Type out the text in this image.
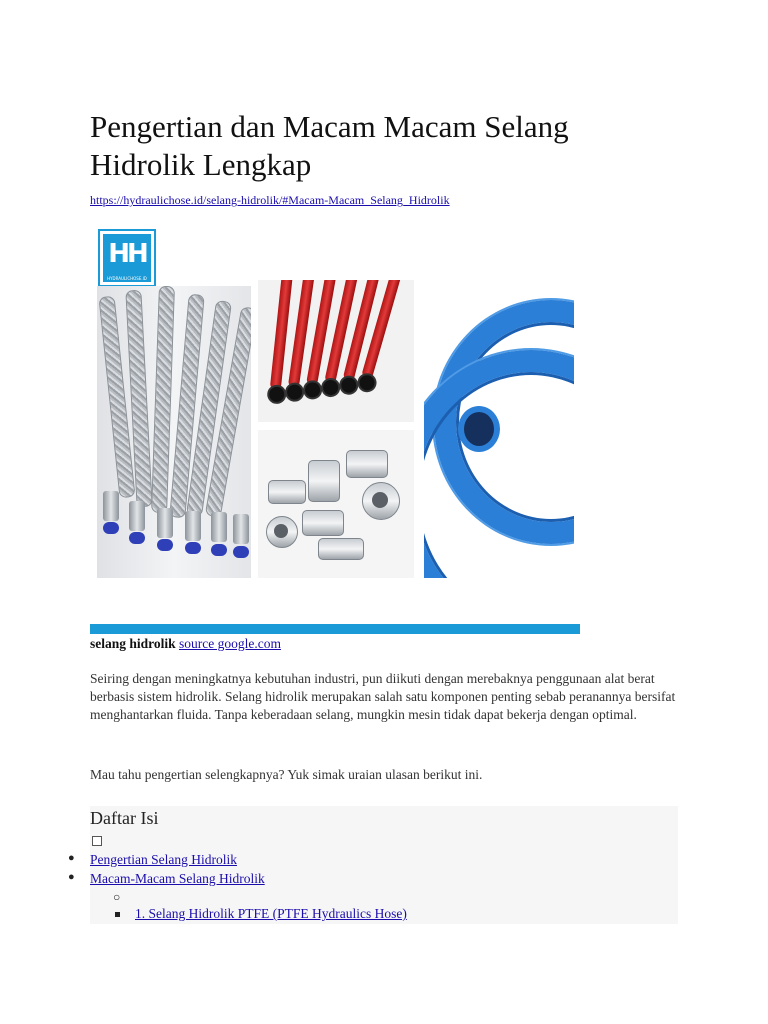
Pengertian dan Macam Macam Selang Hidrolik Lengkap
https://hydraulichose.id/selang-hidrolik/#Macam-Macam_Selang_Hidrolik
HH
HYDRAULICHOSE.ID
selang hidrolik source google.com

Seiring dengan meningkatnya kebutuhan industri, pun diikuti dengan merebaknya penggunaan alat berat berbasis sistem hidrolik. Selang hidrolik merupakan salah satu komponen penting sebab peranannya bersifat menghantarkan fluida. Tanpa keberadaan selang, mungkin mesin tidak dapat bekerja dengan optimal.

Mau tahu pengertian selengkapnya? Yuk simak uraian ulasan berikut ini.

Daftar Isi
● Pengertian Selang Hidrolik
● Macam-Macam Selang Hidrolik
○
1. Selang Hidrolik PTFE (PTFE Hydraulics Hose)
